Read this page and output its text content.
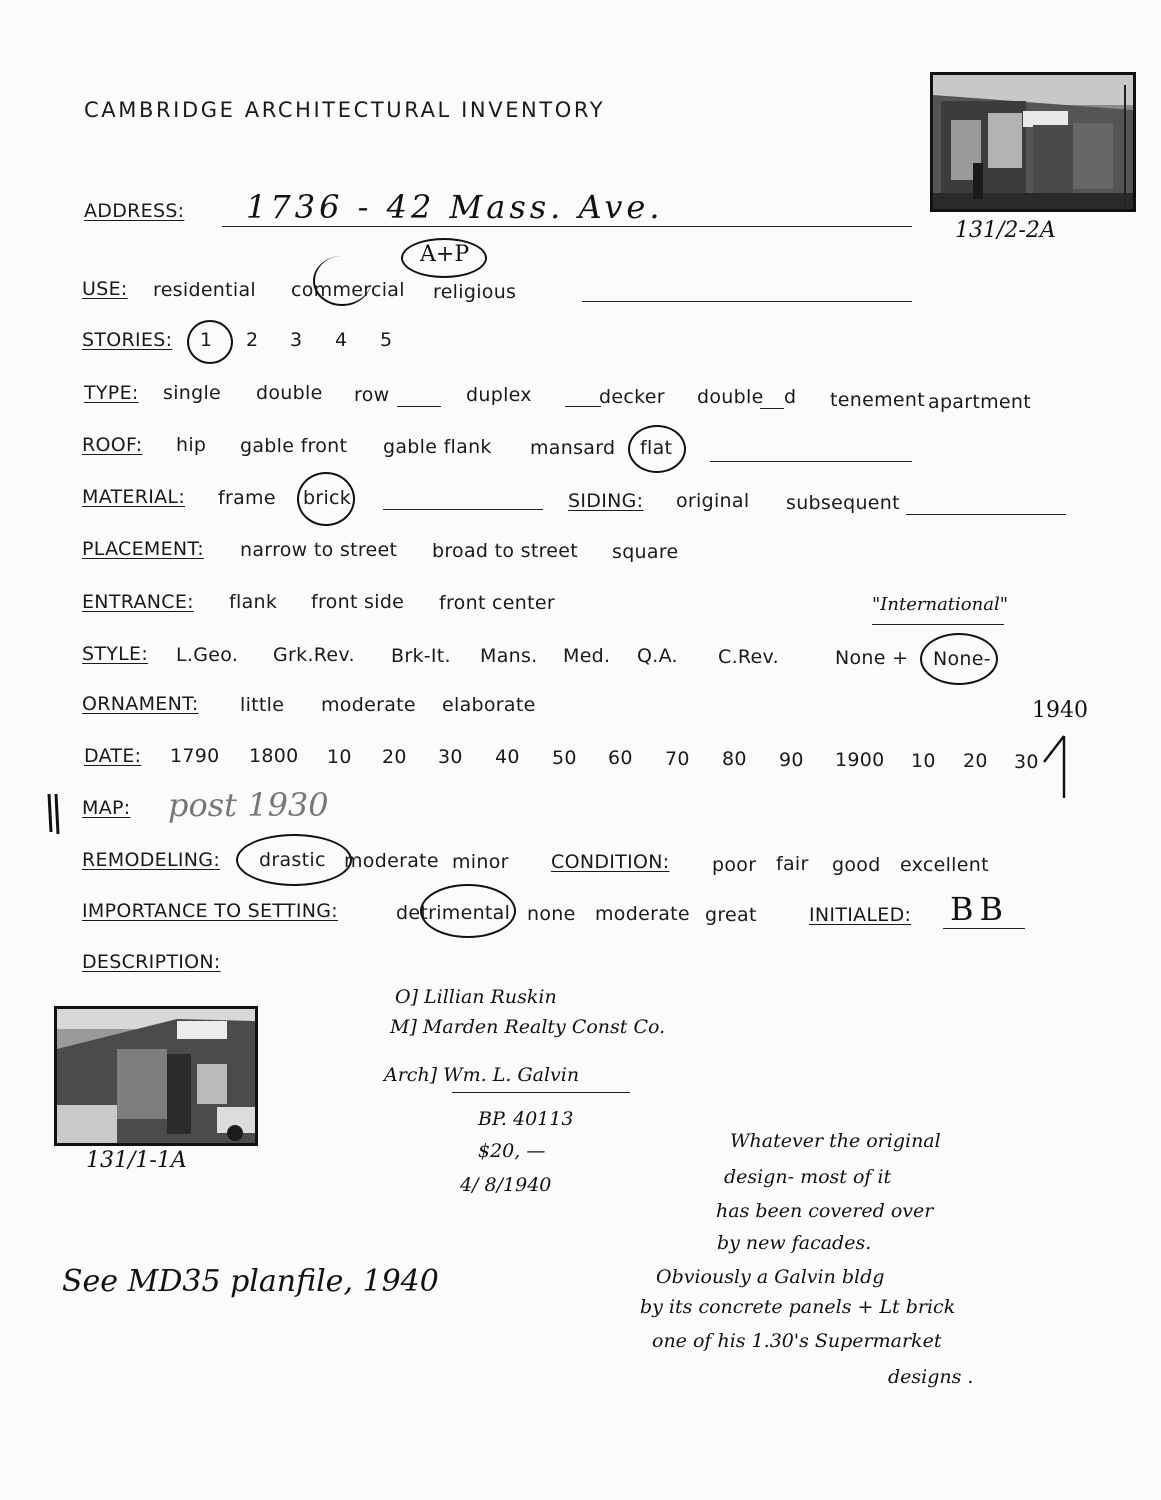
CAMBRIDGE ARCHITECTURAL INVENTORY
131/2-2A
ADDRESS: 1736 - 42 Mass. Ave.
USE: residential commercial religious
A+P
STORIES: 1 2 3 4 5
TYPE: single double row	duplex	decker double d tenement apartment
ROOF: hip gable front gable flank mansard flat
MATERIAL: frame brick	SIDING: original subsequent
PLACEMENT: narrow to street broad to street square
ENTRANCE: flank front side front center	"International"
STYLE: L.Geo. Grk.Rev. Brk-It. Mans. Med. Q.A. C.Rev.	None + None-
ORNAMENT: little moderate elaborate	1940
DATE: 1790 1800 10 20 30 40 50 60 70 80 90 1900 10 20 30
MAP: post 1930
REMODELING: drastic moderate minor CONDITION: poor fair good excellent
IMPORTANCE TO SETTING:	detrimental none moderate great	INITIALED: BB
DESCRIPTION:
131/1-1A
O] Lillian Ruskin
M] Marden Realty Const Co.
Arch] Wm. L. Galvin
BP. 40113
$20, —
4/ 8/1940
Whatever the original
design- most of it
has been covered over
by new facades.
Obviously a Galvin bldg
by its concrete panels + Lt brick
one of his 1.30's Supermarket
designs .
See MD35 planfile, 1940
